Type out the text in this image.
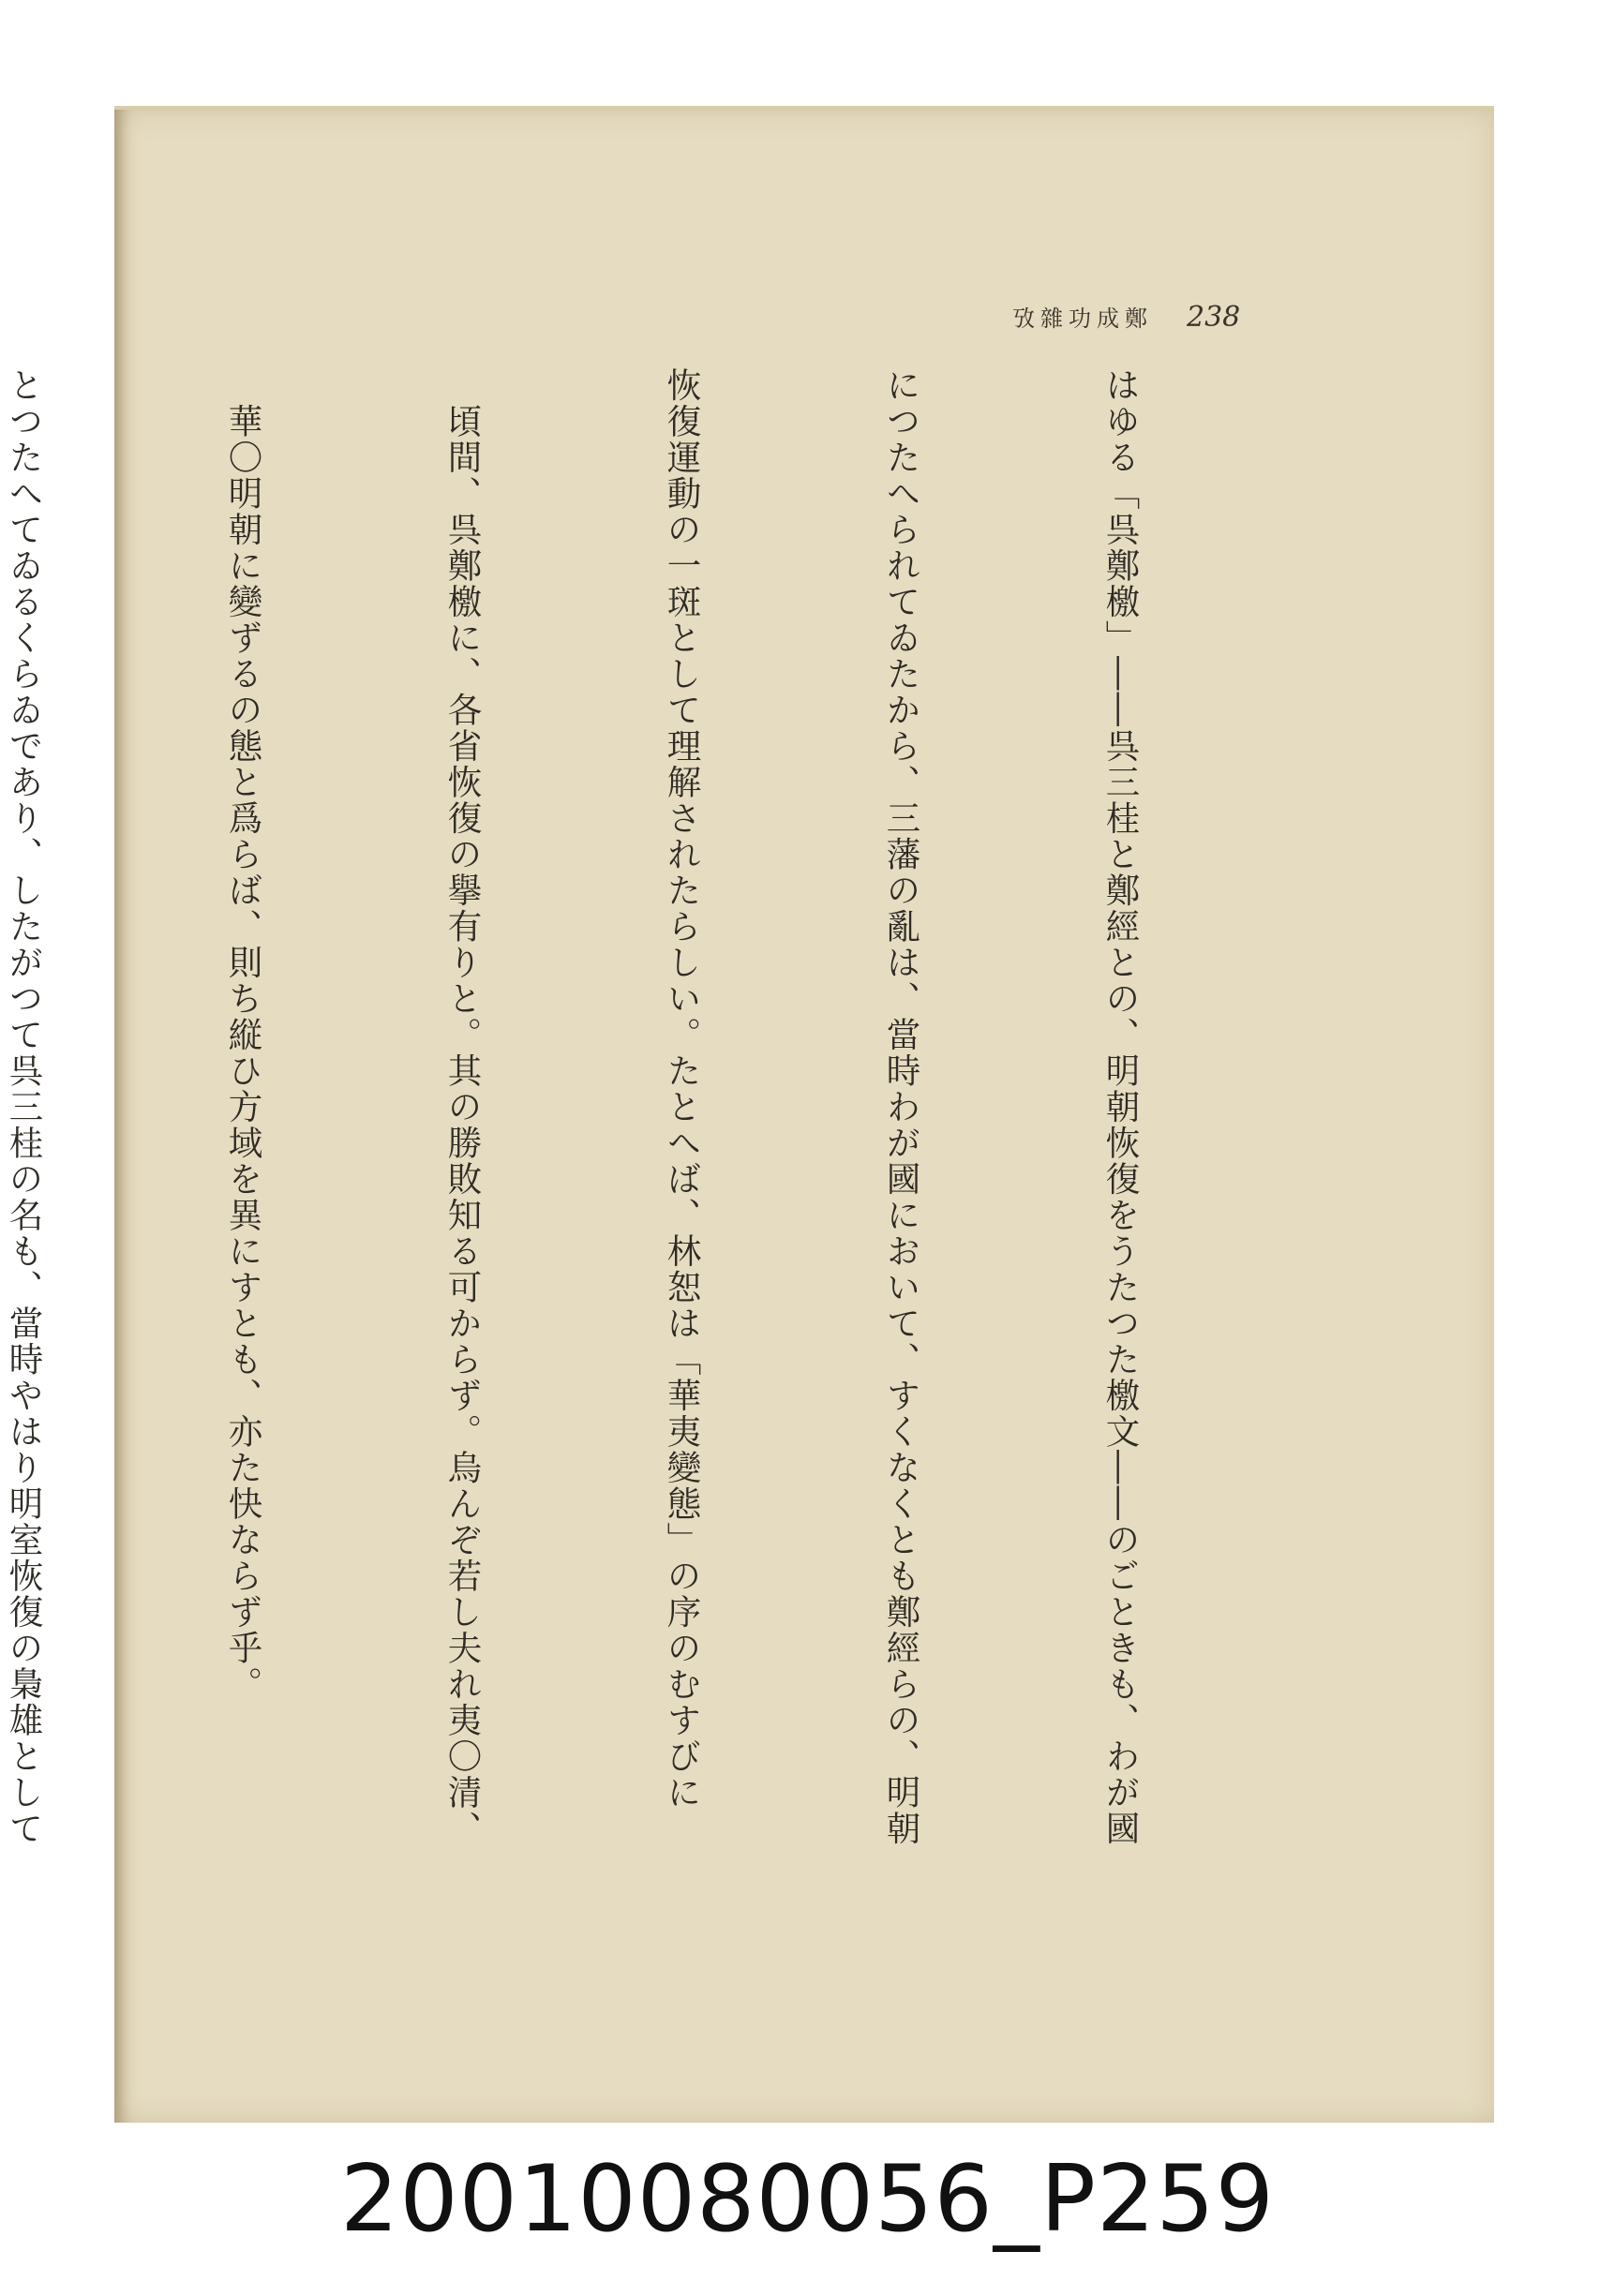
攷雜功成鄭 238

はゆる「呉鄭檄」――呉三桂と鄭經との、明朝恢復をうたつた檄文――のごときも、わが國

につたへられてゐたから、三藩の亂は、當時わが國において、すくなくとも鄭經らの、明朝

恢復運動の一斑として理解されたらしい。たとへば、林恕は「華夷變態」の序のむすびに

　頃間、呉鄭檄に、各省恢復の擧有りと。其の勝敗知る可からず。烏んぞ若し夫れ夷〇清、

　華〇明朝に變ずるの態と爲らば、則ち縦ひ方域を異にすとも、亦た快ならず乎。

とつたへてゐるくらゐであり、したがつて呉三桂の名も、當時やはり明室恢復の梟雄として

20010080056_P259
